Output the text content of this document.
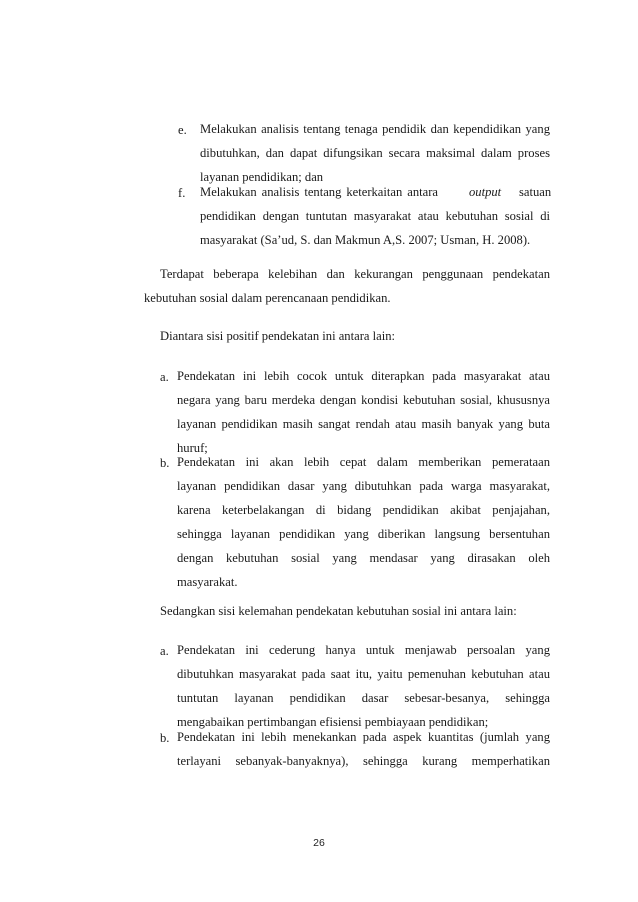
e. Melakukan analisis tentang tenaga pendidik dan kependidikan yang
dibutuhkan, dan dapat difungsikan secara maksimal dalam proses
layanan pendidikan; dan
f. Melakukan analisis tentang keterkaitan antara output satuan
pendidikan dengan tuntutan masyarakat atau kebutuhan sosial di
masyarakat (Sa’ud, S. dan Makmun A,S. 2007; Usman, H. 2008).
Terdapat beberapa kelebihan dan kekurangan penggunaan pendekatan
kebutuhan sosial dalam perencanaan pendidikan.
Diantara sisi positif pendekatan ini antara lain:
a. Pendekatan ini lebih cocok untuk diterapkan pada masyarakat atau
negara yang baru merdeka dengan kondisi kebutuhan sosial, khususnya
layanan pendidikan masih sangat rendah atau masih banyak yang buta
huruf;
b. Pendekatan ini akan lebih cepat dalam memberikan pemerataan
layanan pendidikan dasar yang dibutuhkan pada warga masyarakat,
karena keterbelakangan di bidang pendidikan akibat penjajahan,
sehingga layanan pendidikan yang diberikan langsung bersentuhan
dengan kebutuhan sosial yang mendasar yang dirasakan oleh
masyarakat.
Sedangkan sisi kelemahan pendekatan kebutuhan sosial ini antara lain:
a. Pendekatan ini cederung hanya untuk menjawab persoalan yang
dibutuhkan masyarakat pada saat itu, yaitu pemenuhan kebutuhan atau
tuntutan layanan pendidikan dasar sebesar-besanya, sehingga
mengabaikan pertimbangan efisiensi pembiayaan pendidikan;
b. Pendekatan ini lebih menekankan pada aspek kuantitas (jumlah yang
terlayani sebanyak-banyaknya), sehingga kurang memperhatikan
26
